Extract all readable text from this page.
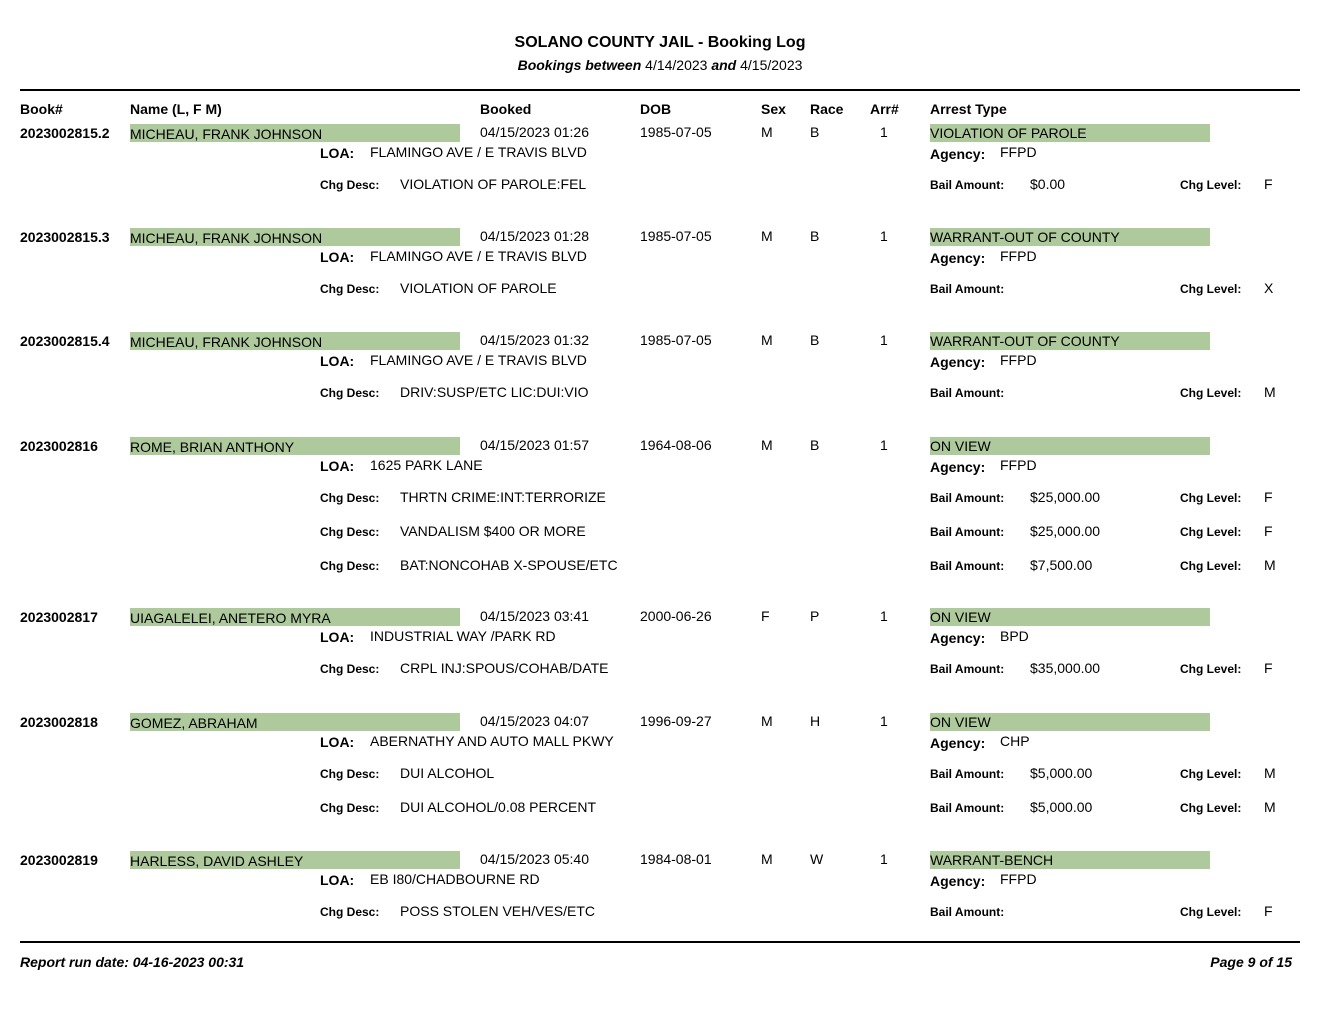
SOLANO COUNTY JAIL - Booking Log
Bookings between 4/14/2023 and 4/15/2023
Book#	Name (L, F M)	Booked	DOB	Sex Race Arr# Arrest Type
2023002815.2 MICHEAU, FRANK JOHNSON	04/15/2023 01:26	1985-07-05	M	B	1	VIOLATION OF PAROLE
LOA: FLAMINGO AVE / E TRAVIS BLVD	Agency: FFPD
Chg Desc: VIOLATION OF PAROLE:FEL	Bail Amount: $0.00	Chg Level: F
2023002815.3 MICHEAU, FRANK JOHNSON	04/15/2023 01:28	1985-07-05	M	B	1	WARRANT-OUT OF COUNTY
LOA: FLAMINGO AVE / E TRAVIS BLVD	Agency: FFPD
Chg Desc: VIOLATION OF PAROLE	Bail Amount:	Chg Level: X
2023002815.4 MICHEAU, FRANK JOHNSON	04/15/2023 01:32	1985-07-05	M	B	1	WARRANT-OUT OF COUNTY
LOA: FLAMINGO AVE / E TRAVIS BLVD	Agency: FFPD
Chg Desc: DRIV:SUSP/ETC LIC:DUI:VIO	Bail Amount:	Chg Level: M
2023002816 ROME, BRIAN ANTHONY	04/15/2023 01:57	1964-08-06	M	B	1	ON VIEW
LOA: 1625 PARK LANE	Agency: FFPD
Chg Desc: THRTN CRIME:INT:TERRORIZE	Bail Amount: $25,000.00	Chg Level: F
Chg Desc: VANDALISM $400 OR MORE	Bail Amount: $25,000.00	Chg Level: F
Chg Desc: BAT:NONCOHAB X-SPOUSE/ETC	Bail Amount: $7,500.00	Chg Level: M
2023002817 UIAGALELEI, ANETERO MYRA	04/15/2023 03:41	2000-06-26	F	P	1	ON VIEW
LOA: INDUSTRIAL WAY /PARK RD	Agency: BPD
Chg Desc: CRPL INJ:SPOUS/COHAB/DATE	Bail Amount: $35,000.00	Chg Level: F
2023002818 GOMEZ, ABRAHAM	04/15/2023 04:07	1996-09-27	M	H	1	ON VIEW
LOA: ABERNATHY AND AUTO MALL PKWY	Agency: CHP
Chg Desc: DUI ALCOHOL	Bail Amount: $5,000.00	Chg Level: M
Chg Desc: DUI ALCOHOL/0.08 PERCENT	Bail Amount: $5,000.00	Chg Level: M
2023002819 HARLESS, DAVID ASHLEY	04/15/2023 05:40	1984-08-01	M	W	1	WARRANT-BENCH
LOA: EB I80/CHADBOURNE RD	Agency: FFPD
Chg Desc: POSS STOLEN VEH/VES/ETC	Bail Amount:	Chg Level: F
Report run date: 04-16-2023 00:31	Page 9 of 15
